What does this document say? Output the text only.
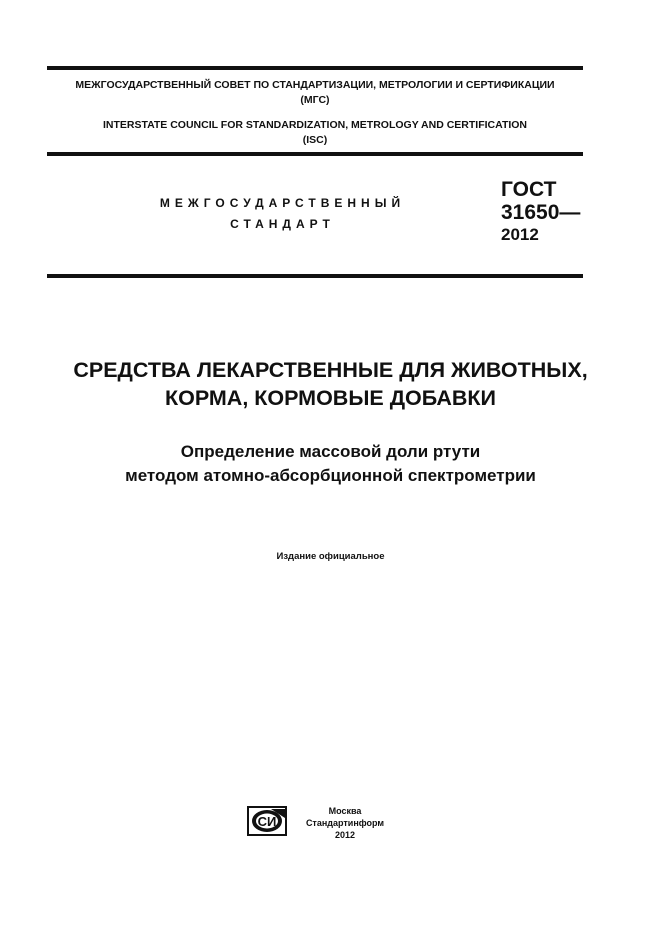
МЕЖГОСУДАРСТВЕННЫЙ СОВЕТ ПО СТАНДАРТИЗАЦИИ, МЕТРОЛОГИИ И СЕРТИФИКАЦИИ
(МГС)
INTERSTATE COUNCIL FOR STANDARDIZATION, METROLOGY AND CERTIFICATION
(ISC)
МЕЖГОСУДАРСТВЕННЫЙ
СТАНДАРТ
ГОСТ
31650—
2012
СРЕДСТВА ЛЕКАРСТВЕННЫЕ ДЛЯ ЖИВОТНЫХ,
КОРМА, КОРМОВЫЕ ДОБАВКИ
Определение массовой доли ртути
методом атомно-абсорбционной спектрометрии
Издание официальное
СИ
Москва
Стандартинформ
2012
